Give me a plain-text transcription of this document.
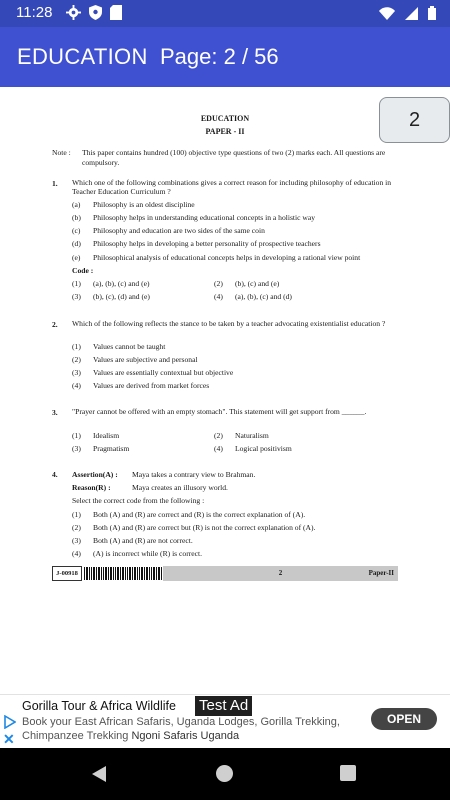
11:28
EDUCATION Page: 2 / 56
EDUCATION
PAPER - II
Note : This paper contains hundred (100) objective type questions of two (2) marks each. All questions are compulsory.
1. Which one of the following combinations gives a correct reason for including philosophy of education in Teacher Education Curriculum ?
(a) Philosophy is an oldest discipline
(b) Philosophy helps in understanding educational concepts in a holistic way
(c) Philosophy and education are two sides of the same coin
(d) Philosophy helps in developing a better personality of prospective teachers
(e) Philosophical analysis of educational concepts helps in developing a rational view point
Code :
(1) (a), (b), (c) and (e)	(2) (b), (c) and (e)
(3) (b), (c), (d) and (e)	(4) (a), (b), (c) and (d)
2. Which of the following reflects the stance to be taken by a teacher advocating existentialist education ?
(1) Values cannot be taught
(2) Values are subjective and personal
(3) Values are essentially contextual but objective
(4) Values are derived from market forces
3. "Prayer cannot be offered with an empty stomach". This statement will get support from ______.
(1) Idealism	(2) Naturalism
(3) Pragmatism	(4) Logical positivism
4. Assertion(A) : Maya takes a contrary view to Brahman.
Reason(R) :	Maya creates an illusory world.
Select the correct code from the following :
(1) Both (A) and (R) are correct and (R) is the correct explanation of (A).
(2) Both (A) and (R) are correct but (R) is not the correct explanation of (A).
(3) Both (A) and (R) are not correct.
(4) (A) is incorrect while (R) is correct.
J-00918	2	Paper-II
2
Gorilla Tour & Africa Wildlife Test Ad
✕
Book your East African Safaris, Uganda Lodges, Gorilla Trekking, Chimpanzee Trekking Ngoni Safaris Uganda
OPEN
